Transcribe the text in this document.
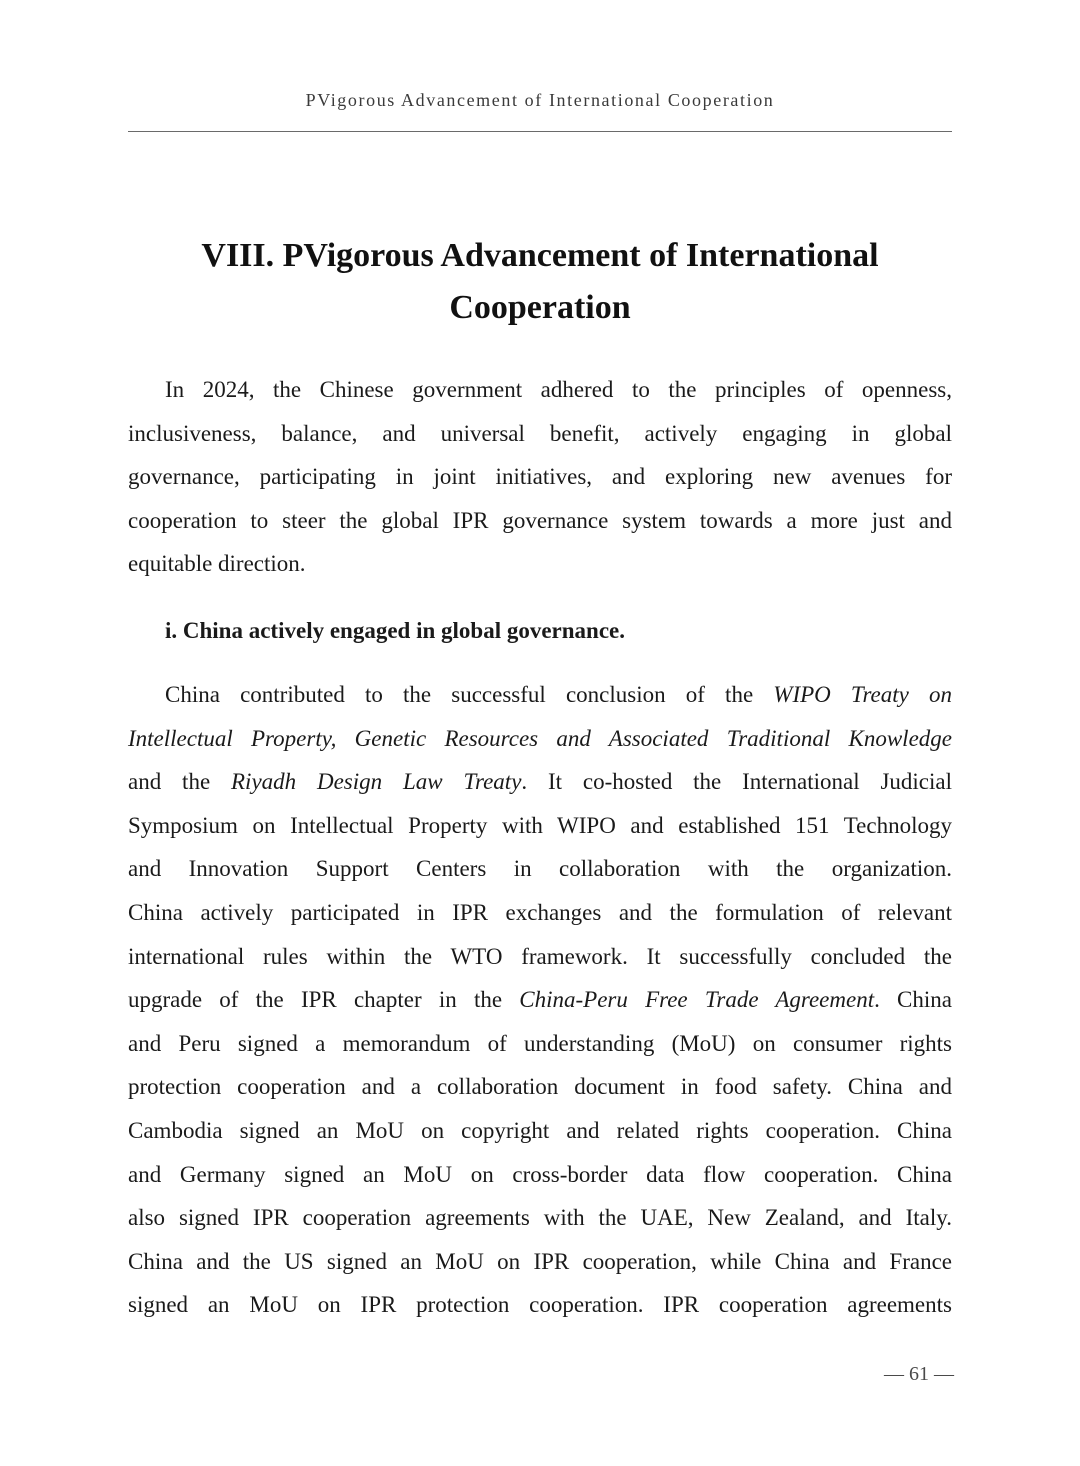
PVigorous Advancement of International Cooperation
VIII. PVigorous Advancement of International
Cooperation
In 2024, the Chinese government adhered to the principles of openness,
inclusiveness, balance, and universal benefit, actively engaging in global
governance, participating in joint initiatives, and exploring new avenues for
cooperation to steer the global IPR governance system towards a more just and
equitable direction.
i. China actively engaged in global governance.
China contributed to the successful conclusion of the WIPO Treaty on
Intellectual Property, Genetic Resources and Associated Traditional Knowledge
and the Riyadh Design Law Treaty. It co-hosted the International Judicial
Symposium on Intellectual Property with WIPO and established 151 Technology
and Innovation Support Centers in collaboration with the organization.
China actively participated in IPR exchanges and the formulation of relevant
international rules within the WTO framework. It successfully concluded the
upgrade of the IPR chapter in the China-Peru Free Trade Agreement. China
and Peru signed a memorandum of understanding (MoU) on consumer rights
protection cooperation and a collaboration document in food safety. China and
Cambodia signed an MoU on copyright and related rights cooperation. China
and Germany signed an MoU on cross-border data flow cooperation. China
also signed IPR cooperation agreements with the UAE, New Zealand, and Italy.
China and the US signed an MoU on IPR cooperation, while China and France
signed an MoU on IPR protection cooperation. IPR cooperation agreements
— 61 —
